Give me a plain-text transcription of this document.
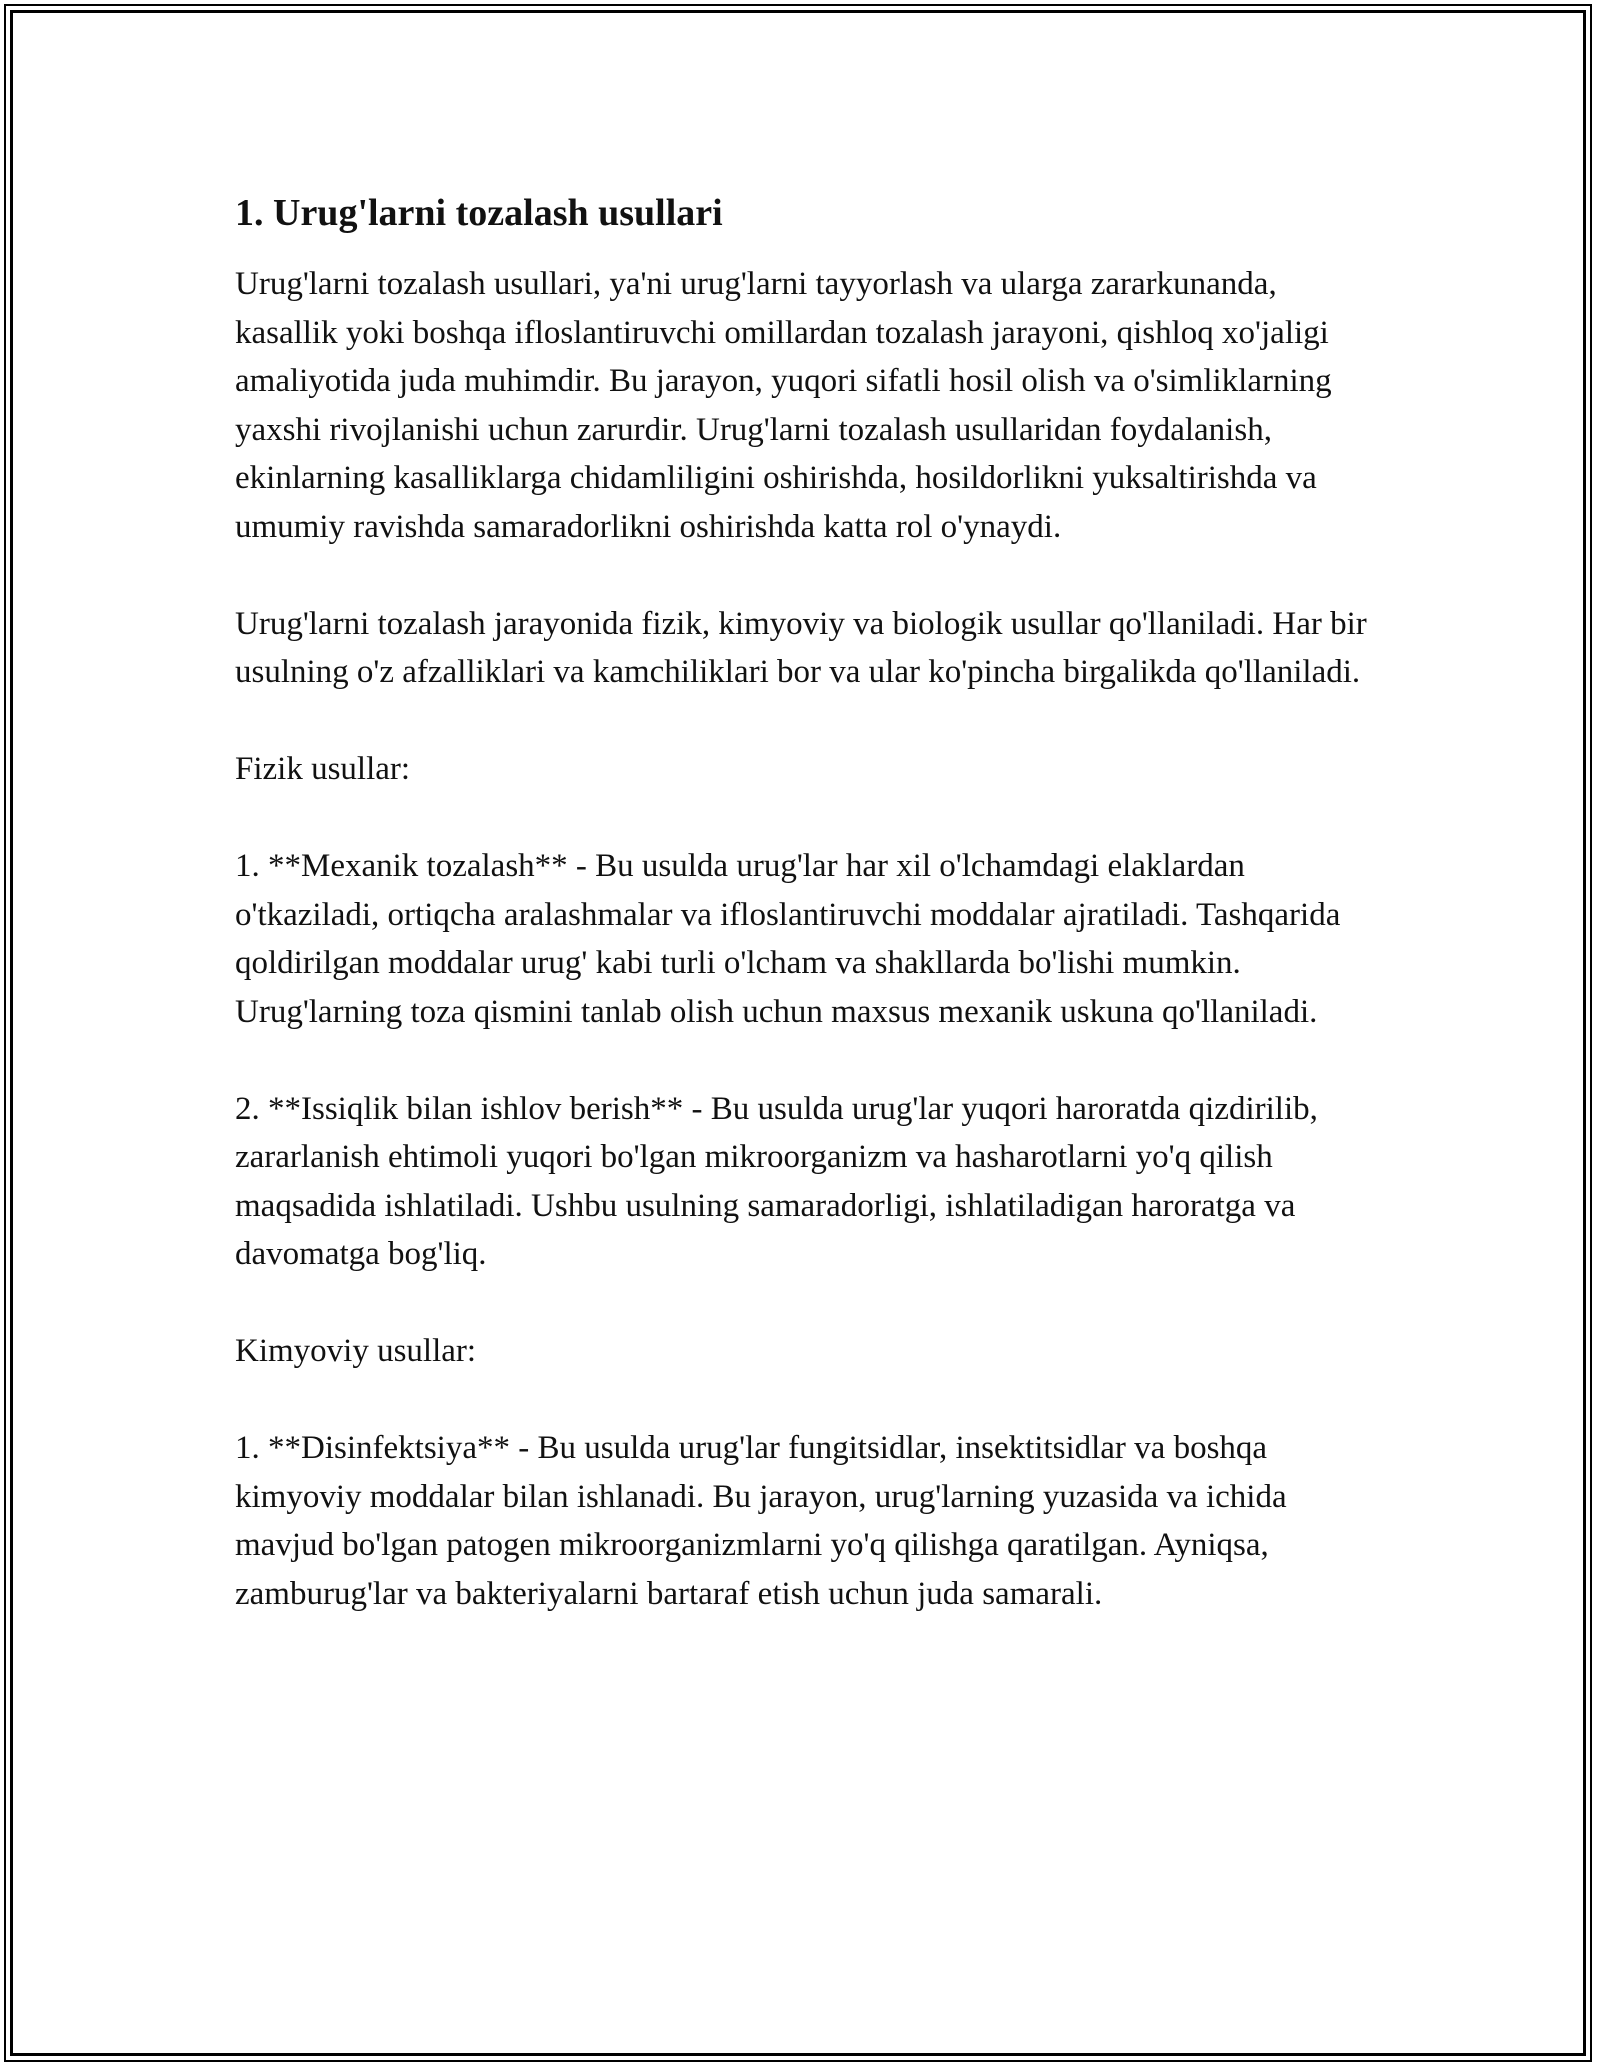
1. Urug'larni tozalash usullari

Urug'larni tozalash usullari, ya'ni urug'larni tayyorlash va ularga zararkunanda, kasallik yoki boshqa ifloslantiruvchi omillardan tozalash jarayoni, qishloq xo'jaligi amaliyotida juda muhimdir. Bu jarayon, yuqori sifatli hosil olish va o'simliklarning yaxshi rivojlanishi uchun zarurdir. Urug'larni tozalash usullaridan foydalanish, ekinlarning kasalliklarga chidamliligini oshirishda, hosildorlikni yuksaltirishda va umumiy ravishda samaradorlikni oshirishda katta rol o'ynaydi.

Urug'larni tozalash jarayonida fizik, kimyoviy va biologik usullar qo'llaniladi. Har bir usulning o'z afzalliklari va kamchiliklari bor va ular ko'pincha birgalikda qo'llaniladi.

Fizik usullar:

1. **Mexanik tozalash** - Bu usulda urug'lar har xil o'lchamdagi elaklardan o'tkaziladi, ortiqcha aralashmalar va ifloslantiruvchi moddalar ajratiladi. Tashqarida qoldirilgan moddalar urug' kabi turli o'lcham va shakllarda bo'lishi mumkin. Urug'larning toza qismini tanlab olish uchun maxsus mexanik uskuna qo'llaniladi.

2. **Issiqlik bilan ishlov berish** - Bu usulda urug'lar yuqori haroratda qizdirilib, zararlanish ehtimoli yuqori bo'lgan mikroorganizm va hasharotlarni yo'q qilish maqsadida ishlatiladi. Ushbu usulning samaradorligi, ishlatiladigan haroratga va davomatga bog'liq.

Kimyoviy usullar:

1. **Disinfektsiya** - Bu usulda urug'lar fungitsidlar, insektitsidlar va boshqa kimyoviy moddalar bilan ishlanadi. Bu jarayon, urug'larning yuzasida va ichida mavjud bo'lgan patogen mikroorganizmlarni yo'q qilishga qaratilgan. Ayniqsa, zamburug'lar va bakteriyalarni bartaraf etish uchun juda samarali.
